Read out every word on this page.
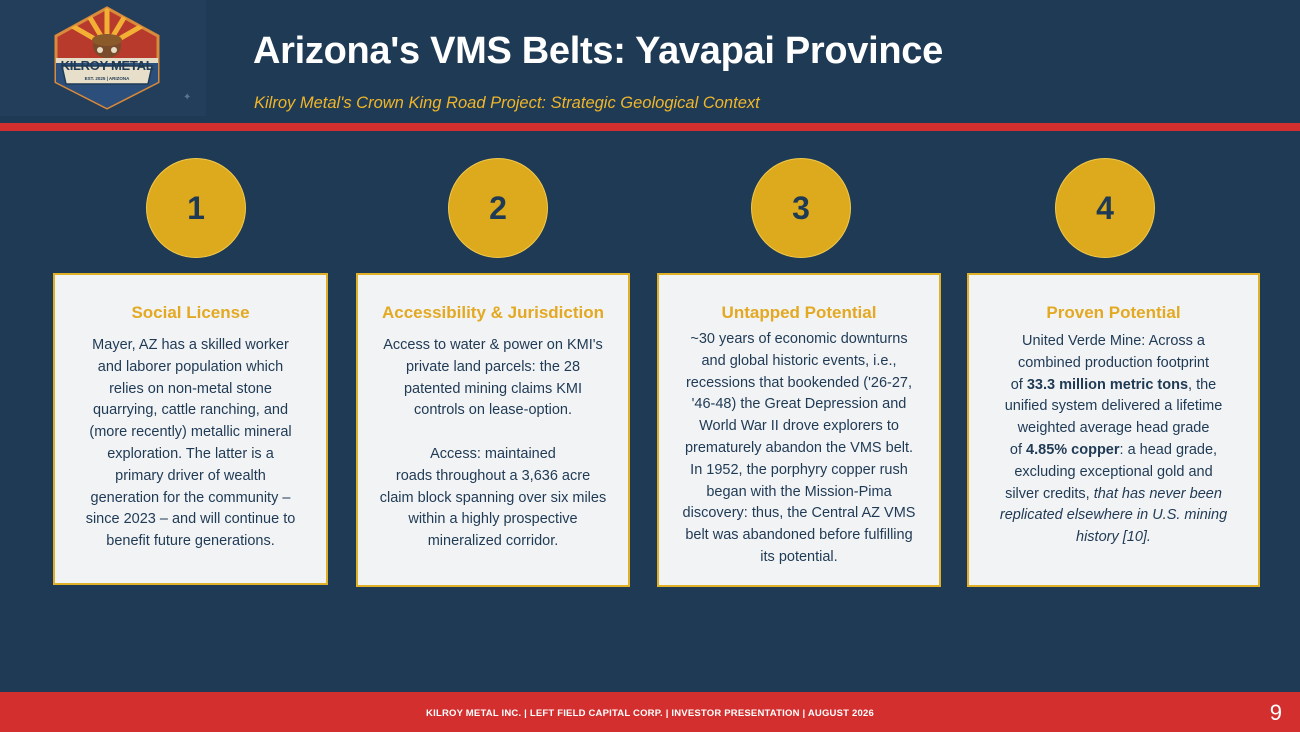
KILROY METAL
EST. 2025 | ARIZONA
✦
Arizona's VMS Belts: Yavapai Province
Kilroy Metal's Crown King Road Project: Strategic Geological Context
1	2	3	4
Social License
Mayer, AZ has a skilled worker
and laborer population which
relies on non-metal stone
quarrying, cattle ranching, and
(more recently) metallic mineral
exploration. The latter is a
primary driver of wealth
generation for the community –
since 2023 – and will continue to
benefit future generations.
Accessibility & Jurisdiction
Access to water & power on KMI's
private land parcels: the 28
patented mining claims KMI
controls on lease-option.
Access: maintained
roads throughout a 3,636 acre
claim block spanning over six miles
within a highly prospective
mineralized corridor.
Untapped Potential
~30 years of economic downturns
and global historic events, i.e.,
recessions that bookended ('26-27,
'46-48) the Great Depression and
World War II drove explorers to
prematurely abandon the VMS belt.
In 1952, the porphyry copper rush
began with the Mission-Pima
discovery: thus, the Central AZ VMS
belt was abandoned before fulfilling
its potential.
Proven Potential
United Verde Mine: Across a
combined production footprint
of 33.3 million metric tons, the
unified system delivered a lifetime
weighted average head grade
of 4.85% copper: a head grade,
excluding exceptional gold and
silver credits, that has never been
replicated elsewhere in U.S. mining
history [10].
KILROY METAL INC. | LEFT FIELD CAPITAL CORP. | INVESTOR PRESENTATION | AUGUST 2026	9
